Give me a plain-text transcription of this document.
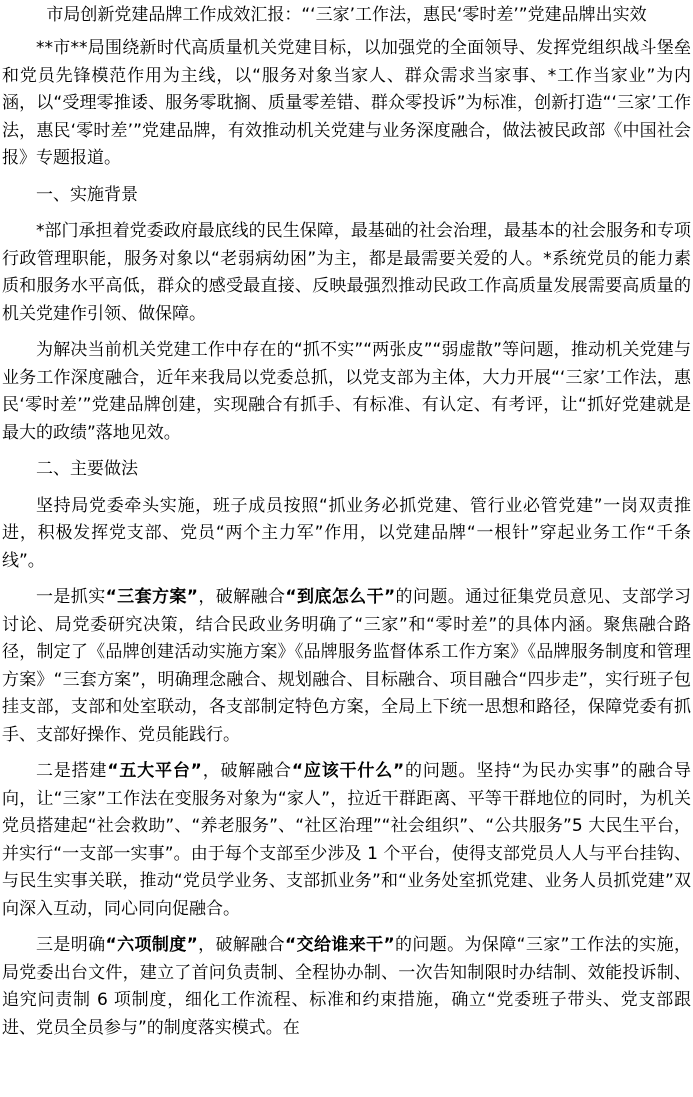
市局创新党建品牌工作成效汇报：“‘三家’工作法，惠民‘零时差’”党建品牌出实效

**市**局围绕新时代高质量机关党建目标，以加强党的全面领导、发挥党组织战斗堡垒和党员先锋模范作用为主线，以“服务对象当家人、群众需求当家事、*工作当家业”为内涵，以“受理零推诿、服务零耽搁、质量零差错、群众零投诉”为标准，创新打造“‘三家’工作法，惠民‘零时差’”党建品牌，有效推动机关党建与业务深度融合，做法被民政部《中国社会报》专题报道。

一、实施背景

*部门承担着党委政府最底线的民生保障，最基础的社会治理，最基本的社会服务和专项行政管理职能，服务对象以“老弱病幼困”为主，都是最需要关爱的人。*系统党员的能力素质和服务水平高低，群众的感受最直接、反映最强烈推动民政工作高质量发展需要高质量的机关党建作引领、做保障。

为解决当前机关党建工作中存在的“抓不实”“两张皮”“弱虚散”等问题，推动机关党建与业务工作深度融合，近年来我局以党委总抓，以党支部为主体，大力开展“‘三家’工作法，惠民‘零时差’”党建品牌创建，实现融合有抓手、有标准、有认定、有考评，让“抓好党建就是最大的政绩”落地见效。

二、主要做法

坚持局党委牵头实施，班子成员按照“抓业务必抓党建、管行业必管党建”一岗双责推进，积极发挥党支部、党员“两个主力军”作用，以党建品牌“一根针”穿起业务工作“千条线”。

一是抓实“三套方案”，破解融合“到底怎么干”的问题。通过征集党员意见、支部学习讨论、局党委研究决策，结合民政业务明确了“三家”和“零时差”的具体内涵。聚焦融合路径，制定了《品牌创建活动实施方案》《品牌服务监督体系工作方案》《品牌服务制度和管理方案》“三套方案”，明确理念融合、规划融合、目标融合、项目融合“四步走”，实行班子包挂支部，支部和处室联动，各支部制定特色方案，全局上下统一思想和路径，保障党委有抓手、支部好操作、党员能践行。

二是搭建“五大平台”，破解融合“应该干什么”的问题。坚持“为民办实事”的融合导向，让“三家”工作法在变服务对象为“家人”，拉近干群距离、平等干群地位的同时，为机关党员搭建起“社会救助”、“养老服务”、“社区治理”“社会组织”、“公共服务”5 大民生平台，并实行“一支部一实事”。由于每个支部至少涉及 1 个平台，使得支部党员人人与平台挂钩、与民生实事关联，推动“党员学业务、支部抓业务”和“业务处室抓党建、业务人员抓党建”双向深入互动，同心同向促融合。

三是明确“六项制度”，破解融合“交给谁来干”的问题。为保障“三家”工作法的实施，局党委出台文件，建立了首问负责制、全程协办制、一次告知制限时办结制、效能投诉制、追究问责制 6 项制度，细化工作流程、标准和约束措施，确立“党委班子带头、党支部跟进、党员全员参与”的制度落实模式。在
